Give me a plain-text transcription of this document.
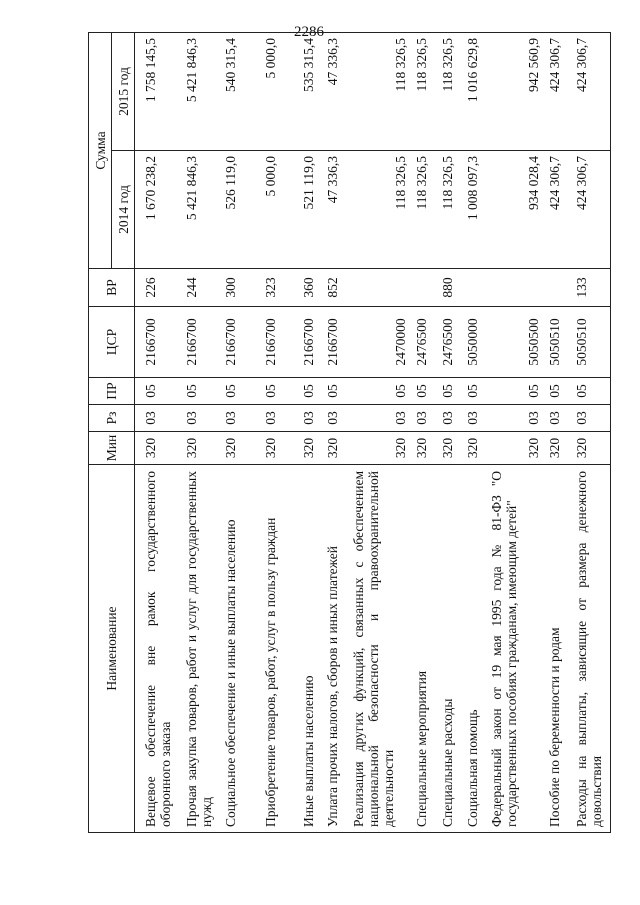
2286
Наименование	Мин	Рз	ПР	ЦСР	ВР	Сумма	
						2014 год	2015 год

Вещевое обеспечение вне рамок государственного оборонного заказа	320	03	05	2166700	226	1 670 238,2	1 758 145,5
Прочая закупка товаров, работ и услуг для государственных нужд	320	03	05	2166700	244	5 421 846,3	5 421 846,3
Социальное обеспечение и иные выплаты населению	320	03	05	2166700	300	526 119,0	540 315,4
Приобретение товаров, работ, услуг в пользу граждан	320	03	05	2166700	323	5 000,0	5 000,0
Иные выплаты населению	320	03	05	2166700	360	521 119,0	535 315,4
Уплата прочих налогов, сборов и иных платежей	320	03	05	2166700	852	47 336,3	47 336,3
Реализация других функций, связанных с обеспечением национальной безопасности и правоохранительной деятельности	320	03	05	2470000		118 326,5	118 326,5
Специальные мероприятия	320	03	05	2476500		118 326,5	118 326,5
Специальные расходы	320	03	05	2476500	880	118 326,5	118 326,5
Социальная помощь	320	03	05	5050000		1 008 097,3	1 016 629,8
Федеральный закон от 19 мая 1995 года № 81-ФЗ "О государственных пособиях гражданам, имеющим детей"	320	03	05	5050500		934 028,4	942 560,9
Пособие по беременности и родам	320	03	05	5050510		424 306,7	424 306,7
Расходы на выплаты, зависящие от размера денежного довольствия	320	03	05	5050510	133	424 306,7	424 306,7
